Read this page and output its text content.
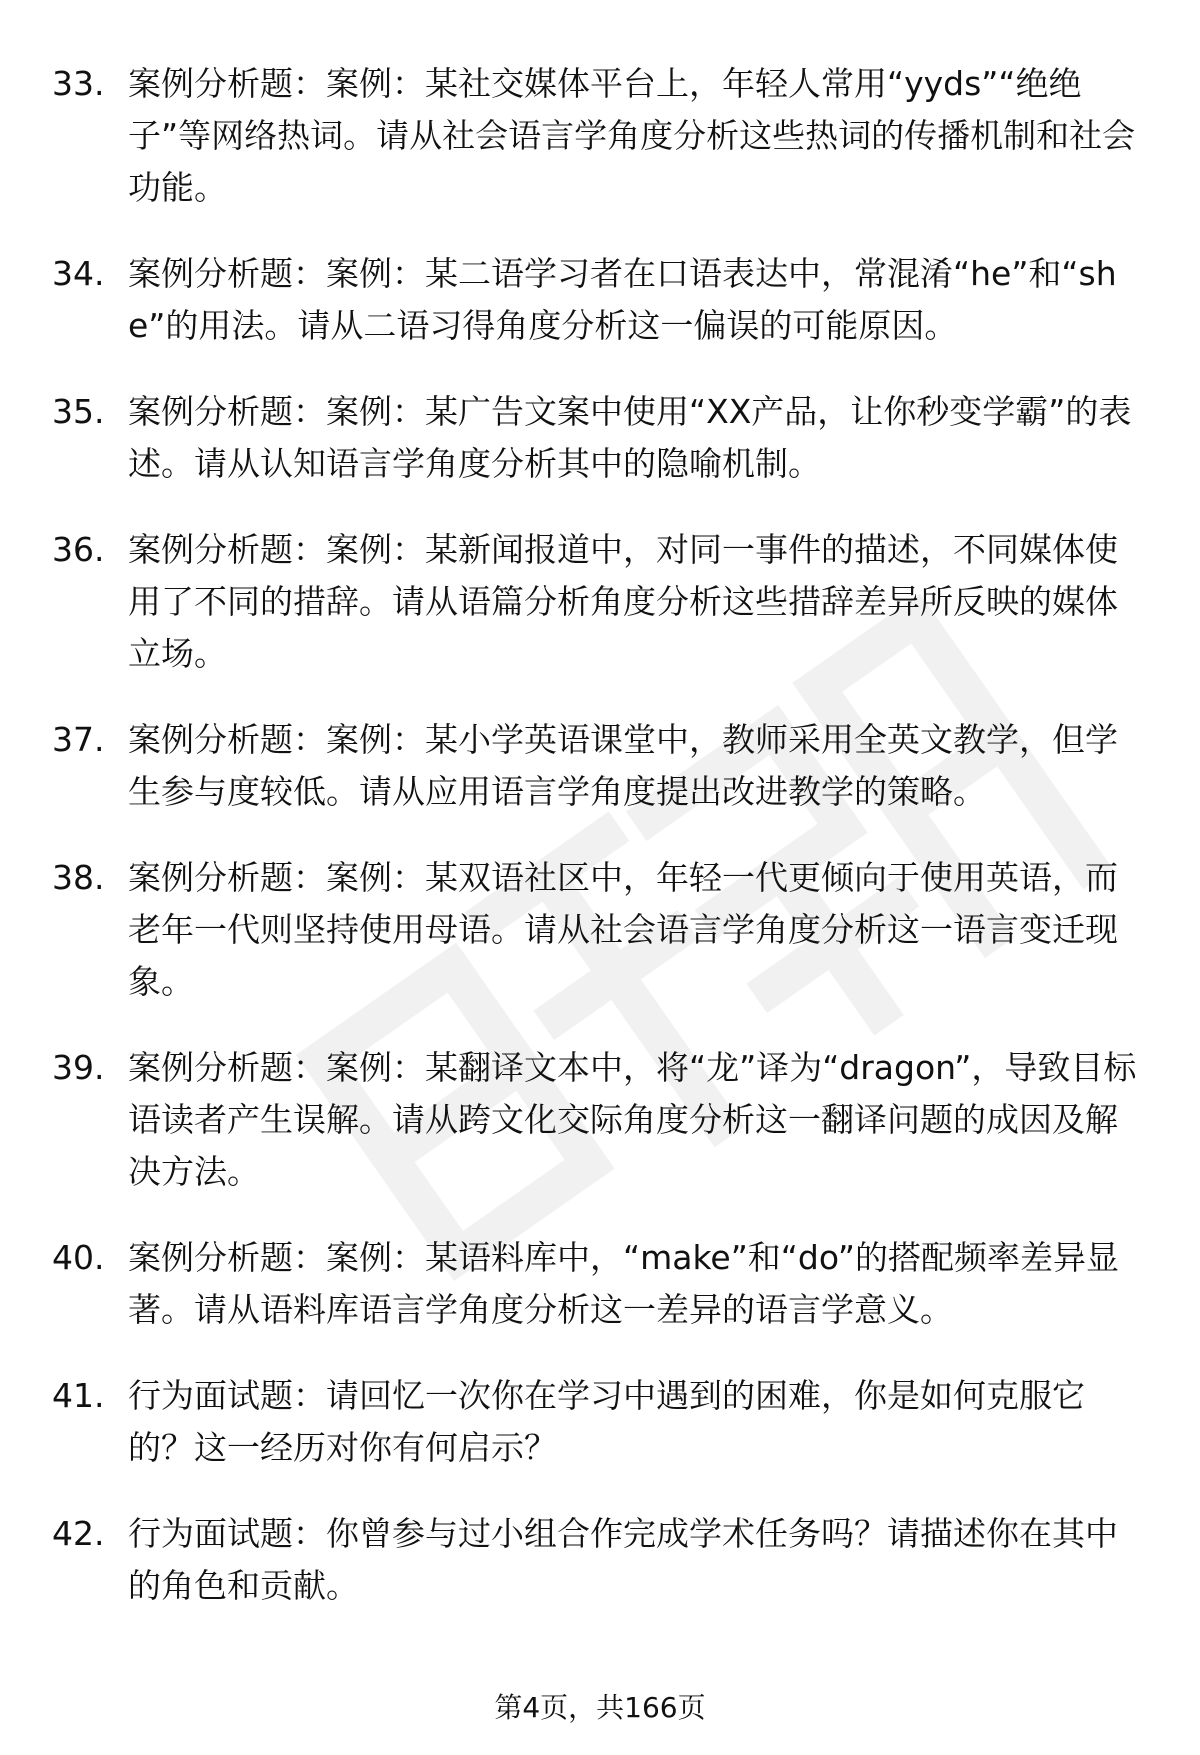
33. 案例分析题：案例：某社交媒体平台上，年轻人常用“yyds”“绝绝子”等网络热词。请从社会语言学角度分析这些热词的传播机制和社会功能。
34. 案例分析题：案例：某二语学习者在口语表达中，常混淆“he”和“she”的用法。请从二语习得角度分析这一偏误的可能原因。
35. 案例分析题：案例：某广告文案中使用“XX产品，让你秒变学霸”的表述。请从认知语言学角度分析其中的隐喻机制。
36. 案例分析题：案例：某新闻报道中，对同一事件的描述，不同媒体使用了不同的措辞。请从语篇分析角度分析这些措辞差异所反映的媒体立场。
37. 案例分析题：案例：某小学英语课堂中，教师采用全英文教学，但学生参与度较低。请从应用语言学角度提出改进教学的策略。
38. 案例分析题：案例：某双语社区中，年轻一代更倾向于使用英语，而老年一代则坚持使用母语。请从社会语言学角度分析这一语言变迁现象。
39. 案例分析题：案例：某翻译文本中，将“龙”译为“dragon”，导致目标语读者产生误解。请从跨文化交际角度分析这一翻译问题的成因及解决方法。
40. 案例分析题：案例：某语料库中，“make”和“do”的搭配频率差异显著。请从语料库语言学角度分析这一差异的语言学意义。
41. 行为面试题：请回忆一次你在学习中遇到的困难，你是如何克服它的？这一经历对你有何启示？
42. 行为面试题：你曾参与过小组合作完成学术任务吗？请描述你在其中的角色和贡献。
第4页，共166页
